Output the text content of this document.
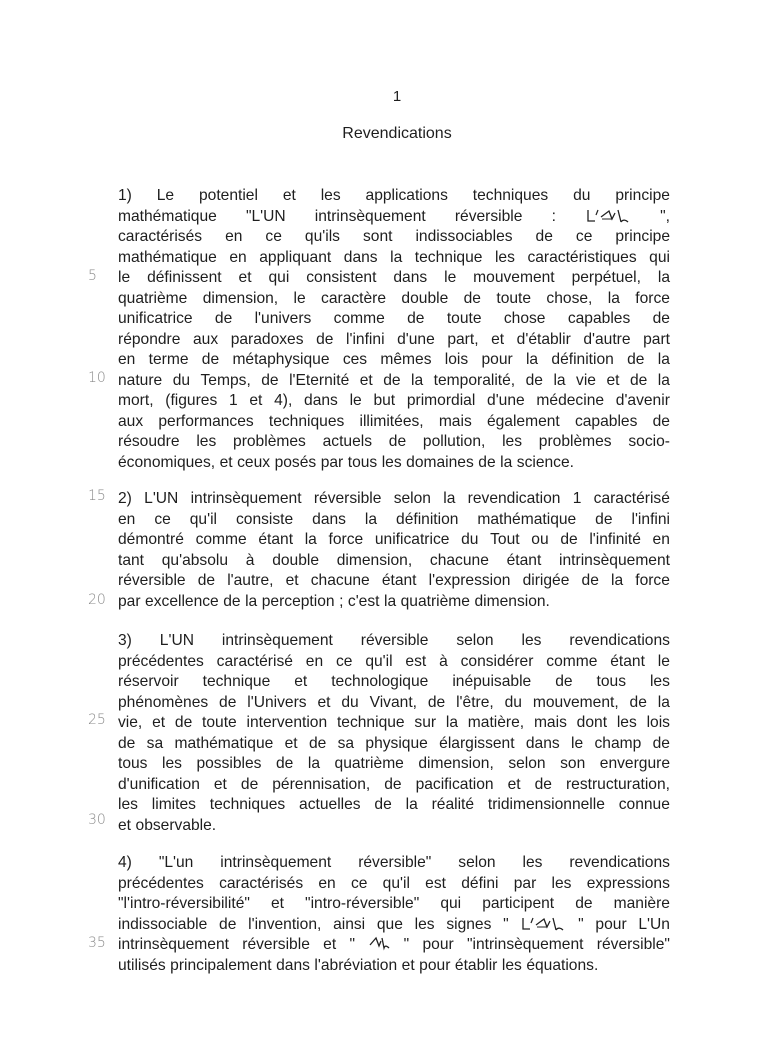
1
Revendications
1) Le potentiel et les applications techniques du principe
mathématique "L'UN intrinsèquement réversible :	",
caractérisés en ce qu'ils sont indissociables de ce principe
mathématique en appliquant dans la technique les caractéristiques qui
le définissent et qui consistent dans le mouvement perpétuel, la
quatrième dimension, le caractère double de toute chose, la force
unificatrice de l'univers comme de toute chose capables de
répondre aux paradoxes de l'infini d'une part, et d'établir d'autre part
en terme de métaphysique ces mêmes lois pour la définition de la
nature du Temps, de l'Eternité et de la temporalité, de la vie et de la
mort, (figures 1 et 4), dans le but primordial d'une médecine d'avenir
aux performances techniques illimitées, mais également capables de
résoudre les problèmes actuels de pollution, les problèmes socio-
économiques, et ceux posés par tous les domaines de la science.
2) L'UN intrinsèquement réversible selon la revendication 1 caractérisé
en ce qu'il consiste dans la définition mathématique de l'infini
démontré comme étant la force unificatrice du Tout ou de l'infinité en
tant qu'absolu à double dimension, chacune étant intrinsèquement
réversible de l'autre, et chacune étant l'expression dirigée de la force
par excellence de la perception ; c'est la quatrième dimension.
3) L'UN intrinsèquement réversible selon les revendications
précédentes caractérisé en ce qu'il est à considérer comme étant le
réservoir technique et technologique inépuisable de tous les
phénomènes de l'Univers et du Vivant, de l'être, du mouvement, de la
vie, et de toute intervention technique sur la matière, mais dont les lois
de sa mathématique et de sa physique élargissent dans le champ de
tous les possibles de la quatrième dimension, selon son envergure
d'unification et de pérennisation, de pacification et de restructuration,
les limites techniques actuelles de la réalité tridimensionnelle connue
et observable.
4) "L'un intrinsèquement réversible" selon les revendications
précédentes caractérisés en ce qu'il est défini par les expressions
"l'intro-réversibilité" et "intro-réversible" qui participent de manière
indissociable de l'invention, ainsi que les signes "	" pour L'Un
intrinsèquement réversible et "	" pour "intrinsèquement réversible"
utilisés principalement dans l'abréviation et pour établir les équations.
5
10
15
20
25
30
35
